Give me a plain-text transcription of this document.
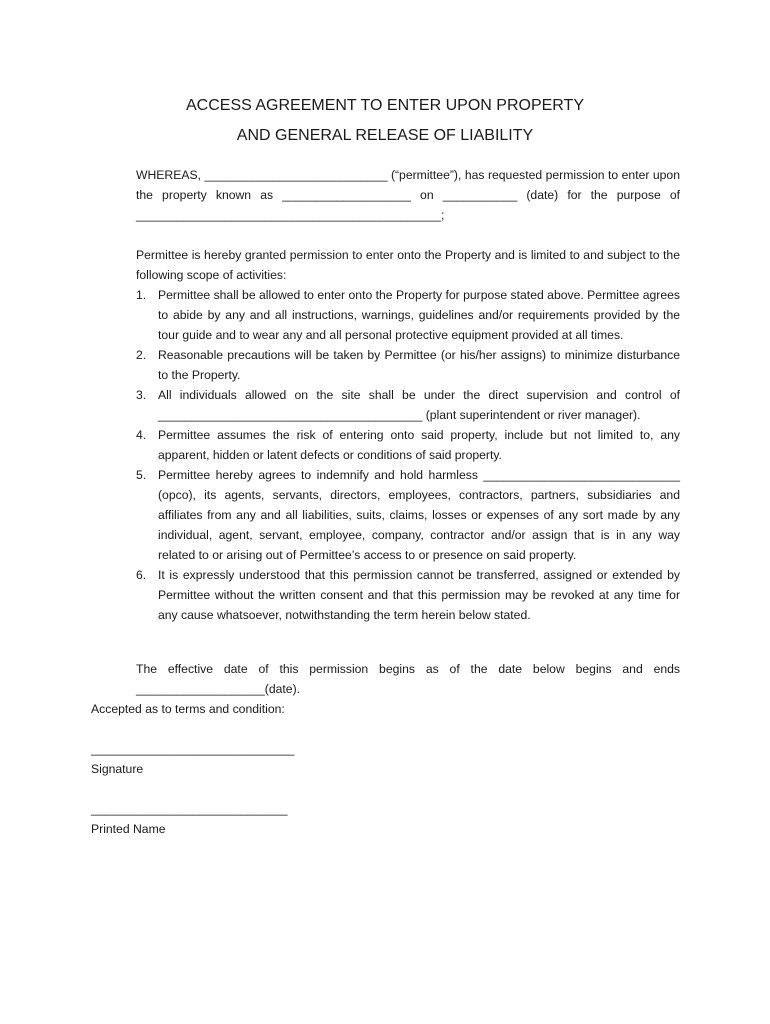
ACCESS AGREEMENT TO ENTER UPON PROPERTY
AND GENERAL RELEASE OF LIABILITY
WHEREAS, ___________________________ (“permittee”), has requested permission to enter upon the property known as ___________________ on ___________ (date) for the purpose of _____________________________________________;
Permittee is hereby granted permission to enter onto the Property and is limited to and subject to the following scope of activities:
1. Permittee shall be allowed to enter onto the Property for purpose stated above. Permittee agrees to abide by any and all instructions, warnings, guidelines and/or requirements provided by the tour guide and to wear any and all personal protective equipment provided at all times.
2. Reasonable precautions will be taken by Permittee (or his/her assigns) to minimize disturbance to the Property.
3. All individuals allowed on the site shall be under the direct supervision and control of _______________________________________ (plant superintendent or river manager).
4. Permittee assumes the risk of entering onto said property, include but not limited to, any apparent, hidden or latent defects or conditions of said property.
5. Permittee hereby agrees to indemnify and hold harmless _____________________________ (opco), its agents, servants, directors, employees, contractors, partners, subsidiaries and affiliates from any and all liabilities, suits, claims, losses or expenses of any sort made by any individual, agent, servant, employee, company, contractor and/or assign that is in any way related to or arising out of Permittee’s access to or presence on said property.
6. It is expressly understood that this permission cannot be transferred, assigned or extended by Permittee without the written consent and that this permission may be revoked at any time for any cause whatsoever, notwithstanding the term herein below stated.
The effective date of this permission begins as of the date below begins and ends ___________________(date).
Accepted as to terms and condition:
______________________________
Signature
_____________________________
Printed Name
